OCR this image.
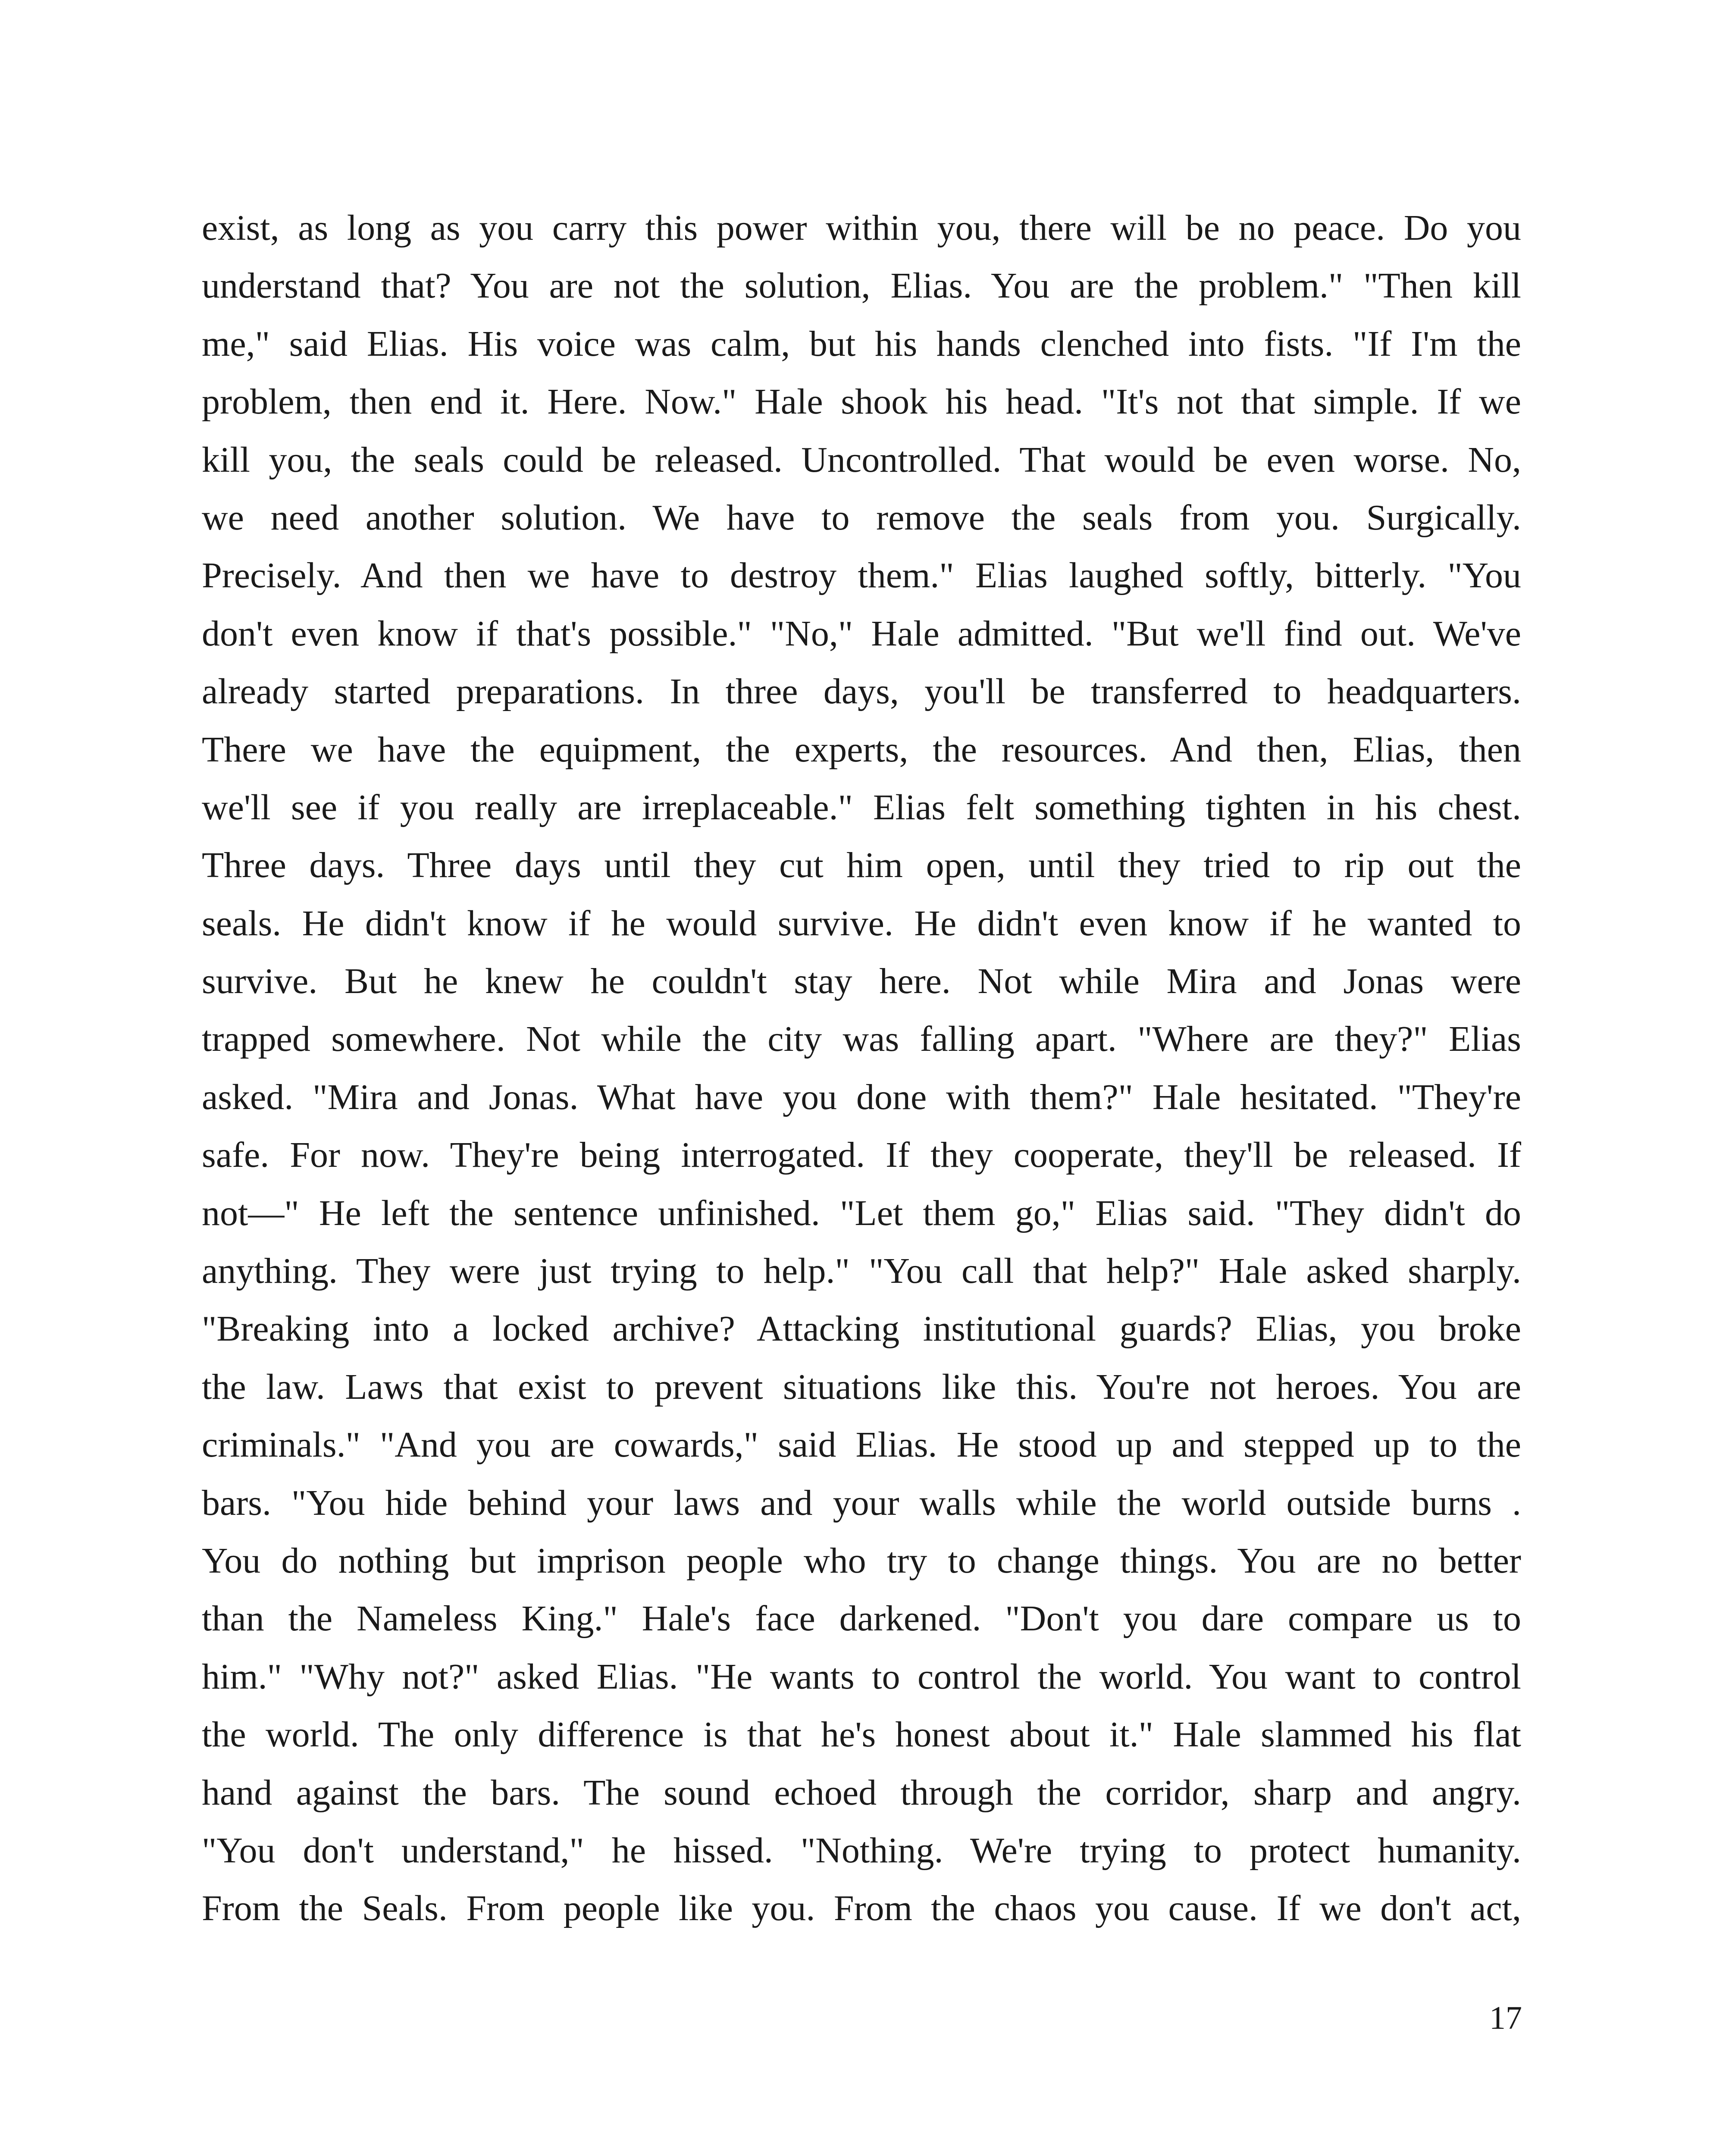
exist, as long as you carry this power within you, there will be no peace. Do you
understand that? You are not the solution, Elias. You are the problem." "Then kill
me," said Elias. His voice was calm, but his hands clenched into fists. "If I'm the
problem, then end it. Here. Now." Hale shook his head. "It's not that simple. If we
kill you, the seals could be released. Uncontrolled. That would be even worse. No,
we need another solution. We have to remove the seals from you. Surgically.
Precisely. And then we have to destroy them." Elias laughed softly, bitterly. "You
don't even know if that's possible." "No," Hale admitted. "But we'll find out. We've
already started preparations. In three days, you'll be transferred to headquarters.
There we have the equipment, the experts, the resources. And then, Elias, then
we'll see if you really are irreplaceable." Elias felt something tighten in his chest.
Three days. Three days until they cut him open, until they tried to rip out the
seals. He didn't know if he would survive. He didn't even know if he wanted to
survive. But he knew he couldn't stay here. Not while Mira and Jonas were
trapped somewhere. Not while the city was falling apart. "Where are they?" Elias
asked. "Mira and Jonas. What have you done with them?" Hale hesitated. "They're
safe. For now. They're being interrogated. If they cooperate, they'll be released. If
not—" He left the sentence unfinished. "Let them go," Elias said. "They didn't do
anything. They were just trying to help." "You call that help?" Hale asked sharply.
"Breaking into a locked archive? Attacking institutional guards? Elias, you broke
the law. Laws that exist to prevent situations like this. You're not heroes. You are
criminals." "And you are cowards," said Elias. He stood up and stepped up to the
bars. "You hide behind your laws and your walls while the world outside burns .
You do nothing but imprison people who try to change things. You are no better
than the Nameless King." Hale's face darkened. "Don't you dare compare us to
him." "Why not?" asked Elias. "He wants to control the world. You want to control
the world. The only difference is that he's honest about it." Hale slammed his flat
hand against the bars. The sound echoed through the corridor, sharp and angry.
"You don't understand," he hissed. "Nothing. We're trying to protect humanity.
From the Seals. From people like you. From the chaos you cause. If we don't act,
17
